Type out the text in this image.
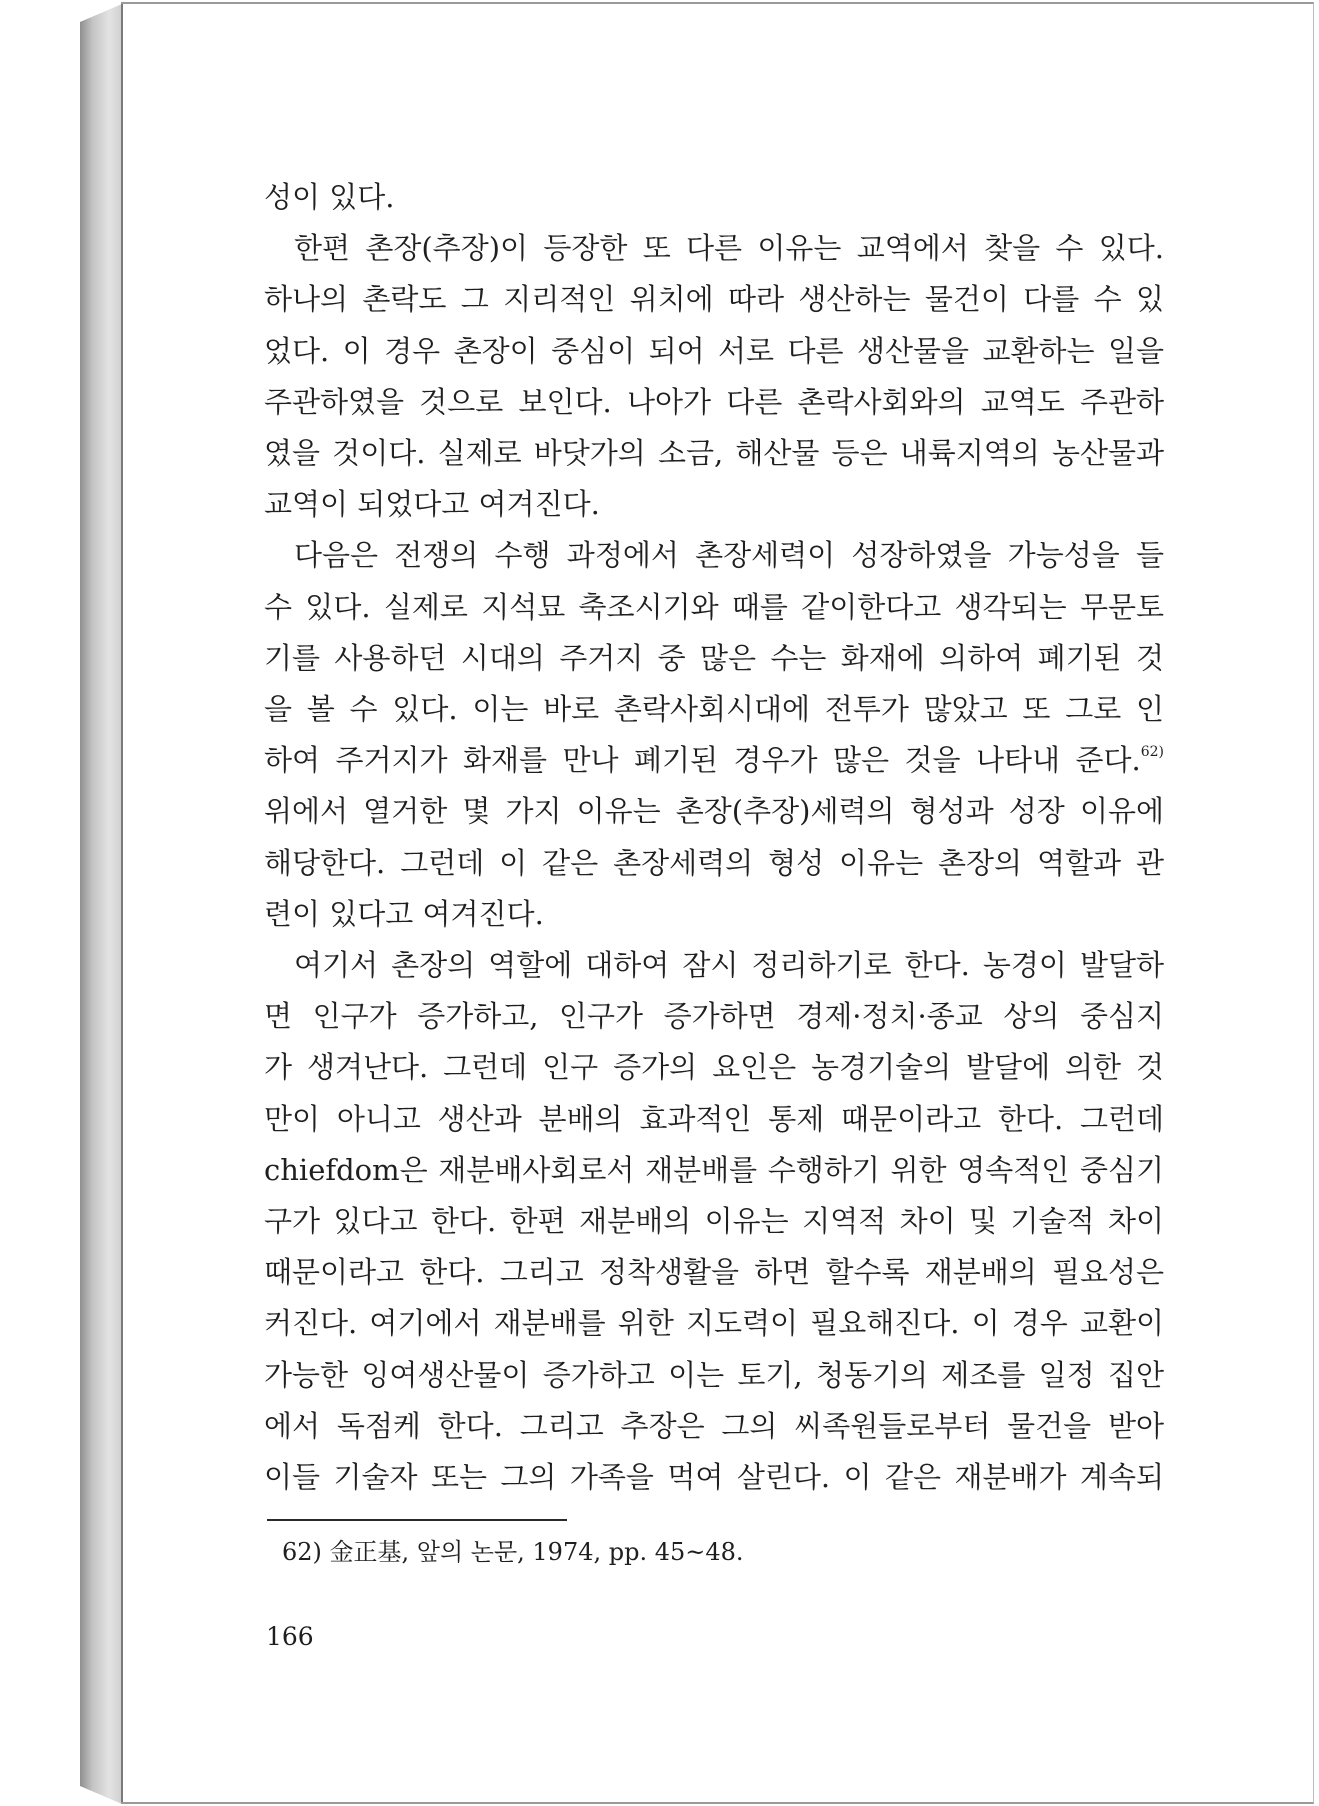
성이 있다.

한편 촌장(추장)이 등장한 또 다른 이유는 교역에서 찾을 수 있다.

하나의 촌락도 그 지리적인 위치에 따라 생산하는 물건이 다를 수 있

었다. 이 경우 촌장이 중심이 되어 서로 다른 생산물을 교환하는 일을

주관하였을 것으로 보인다. 나아가 다른 촌락사회와의 교역도 주관하

였을 것이다. 실제로 바닷가의 소금, 해산물 등은 내륙지역의 농산물과

교역이 되었다고 여겨진다.

다음은 전쟁의 수행 과정에서 촌장세력이 성장하였을 가능성을 들

수 있다. 실제로 지석묘 축조시기와 때를 같이한다고 생각되는 무문토

기를 사용하던 시대의 주거지 중 많은 수는 화재에 의하여 폐기된 것

을 볼 수 있다. 이는 바로 촌락사회시대에 전투가 많았고 또 그로 인

하여 주거지가 화재를 만나 폐기된 경우가 많은 것을 나타내 준다.$^{62)}$

위에서 열거한 몇 가지 이유는 촌장(추장)세력의 형성과 성장 이유에

해당한다. 그런데 이 같은 촌장세력의 형성 이유는 촌장의 역할과 관

련이 있다고 여겨진다.

여기서 촌장의 역할에 대하여 잠시 정리하기로 한다. 농경이 발달하

면 인구가 증가하고, 인구가 증가하면 경제·정치·종교 상의 중심지

가 생겨난다. 그런데 인구 증가의 요인은 농경기술의 발달에 의한 것

만이 아니고 생산과 분배의 효과적인 통제 때문이라고 한다. 그런데

chiefdom은 재분배사회로서 재분배를 수행하기 위한 영속적인 중심기

구가 있다고 한다. 한편 재분배의 이유는 지역적 차이 및 기술적 차이

때문이라고 한다. 그리고 정착생활을 하면 할수록 재분배의 필요성은

커진다. 여기에서 재분배를 위한 지도력이 필요해진다. 이 경우 교환이

가능한 잉여생산물이 증가하고 이는 토기, 청동기의 제조를 일정 집안

에서 독점케 한다. 그리고 추장은 그의 씨족원들로부터 물건을 받아

이들 기술자 또는 그의 가족을 먹여 살린다. 이 같은 재분배가 계속되

62) 金正基, 앞의 논문, 1974, pp. 45~48.
166
